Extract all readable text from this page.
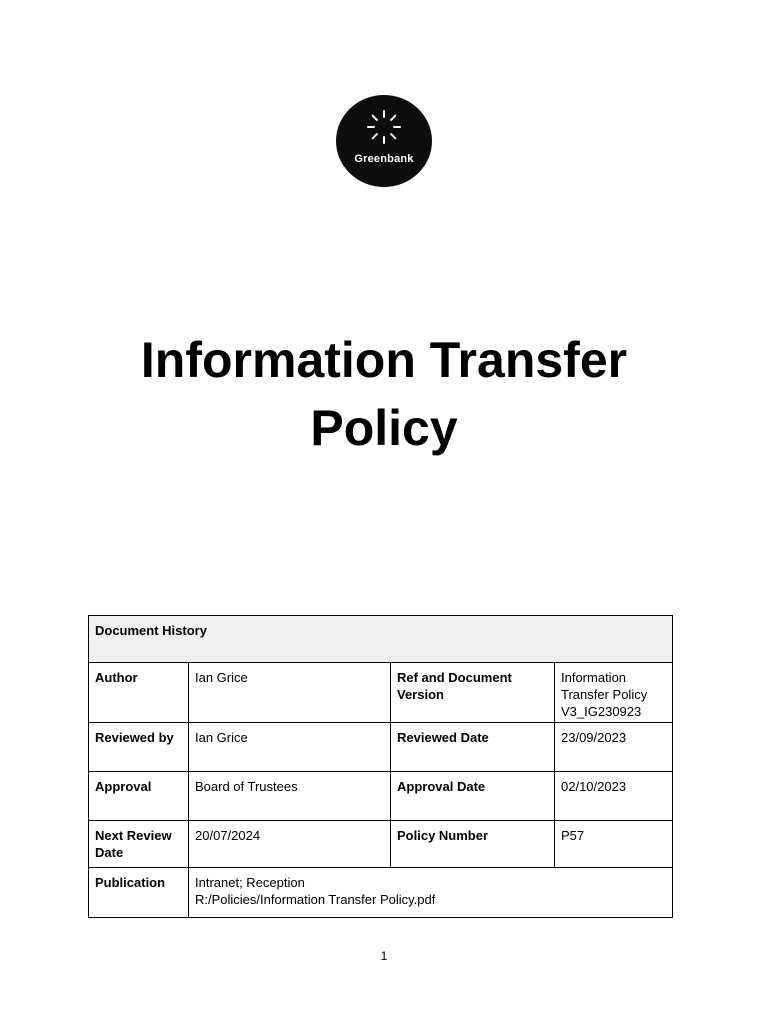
Greenbank
Information Transfer
Policy
Document History			
Author	Ian Grice	Ref and Document Version	Information Transfer Policy V3_IG230923
Reviewed by	Ian Grice	Reviewed Date	23/09/2023
Approval	Board of Trustees	Approval Date	02/10/2023
Next Review Date	20/07/2024	Policy Number	P57
Publication	Intranet; Reception
R:/Policies/Information Transfer Policy.pdf		
1
